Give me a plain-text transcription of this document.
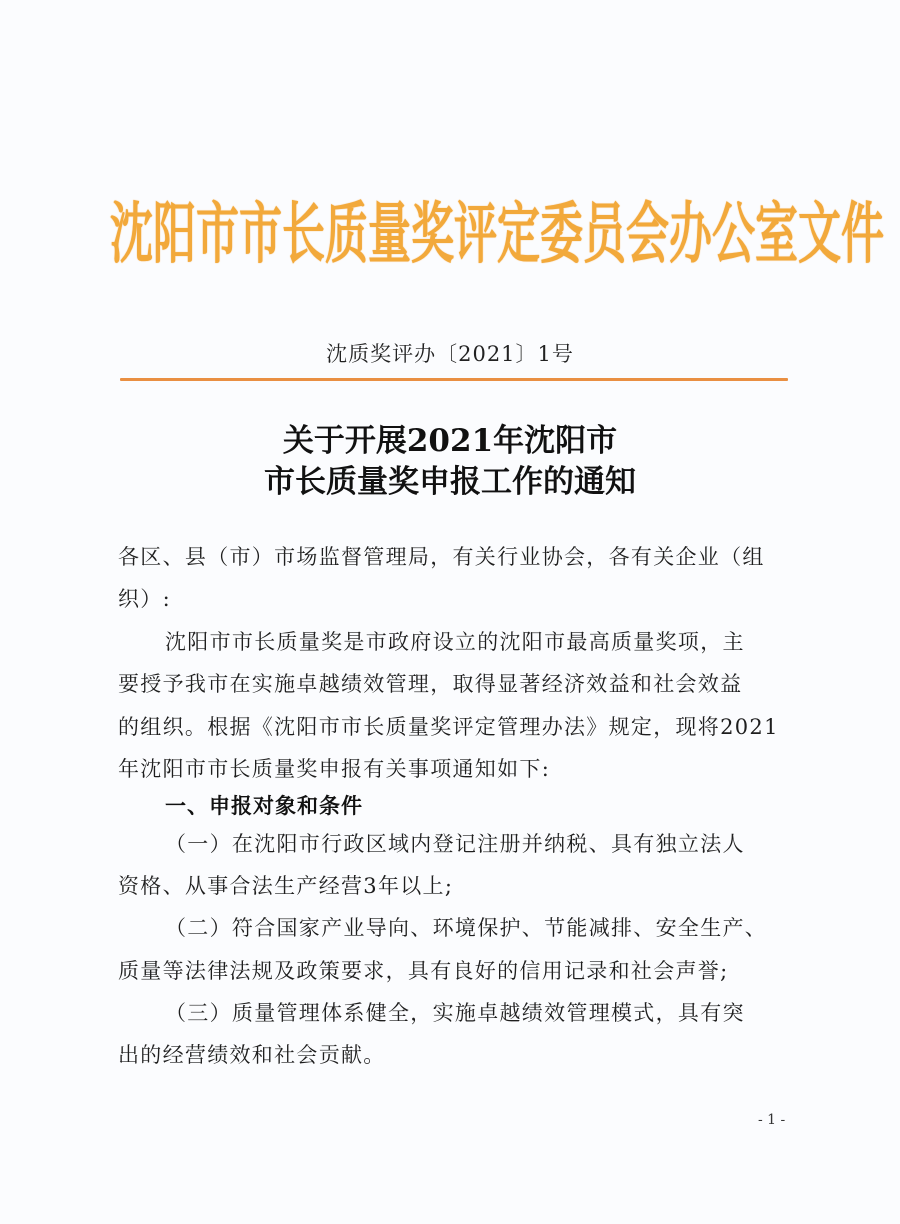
沈阳市市长质量奖评定委员会办公室文件
沈质奖评办〔2021〕1号
关于开展2021年沈阳市
市长质量奖申报工作的通知
各区、县（市）市场监督管理局，有关行业协会，各有关企业（组
织）:
沈阳市市长质量奖是市政府设立的沈阳市最高质量奖项，主
要授予我市在实施卓越绩效管理，取得显著经济效益和社会效益
的组织。根据《沈阳市市长质量奖评定管理办法》规定，现将2021
年沈阳市市长质量奖申报有关事项通知如下:
一、申报对象和条件
（一）在沈阳市行政区域内登记注册并纳税、具有独立法人
资格、从事合法生产经营3年以上;
（二）符合国家产业导向、环境保护、节能减排、安全生产、
质量等法律法规及政策要求，具有良好的信用记录和社会声誉;
（三）质量管理体系健全，实施卓越绩效管理模式，具有突
出的经营绩效和社会贡献。
- 1 -
